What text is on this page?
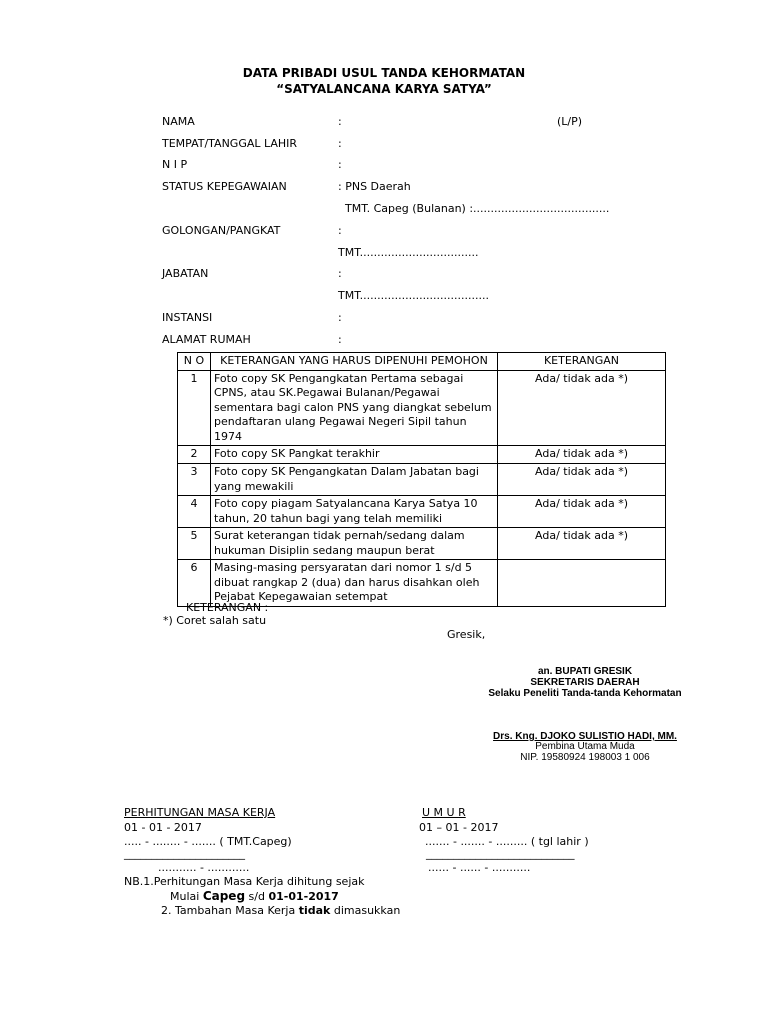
DATA PRIBADI USUL TANDA KEHORMATAN
“SATYALANCANA KARYA SATYA”
NAMA	:	(L/P)
TEMPAT/TANGGAL LAHIR	:
N I P	:
STATUS KEPEGAWAIAN	: PNS Daerah
TMT. Capeg (Bulanan) :.......................................
GOLONGAN/PANGKAT	:
TMT..................................
JABATAN	:
TMT.....................................
INSTANSI	:
ALAMAT RUMAH	:
N O	KETERANGAN YANG HARUS DIPENUHI PEMOHON	KETERANGAN
1	Foto copy SK Pengangkatan Pertama sebagai CPNS, atau SK.Pegawai Bulanan/Pegawai sementara bagi calon PNS yang diangkat sebelum pendaftaran ulang Pegawai Negeri Sipil tahun 1974	Ada/ tidak ada *)
2	Foto copy SK Pangkat terakhir	Ada/ tidak ada *)
3	Foto copy SK Pengangkatan Dalam Jabatan bagi yang mewakili	Ada/ tidak ada *)
4	Foto copy piagam Satyalancana Karya Satya 10 tahun, 20 tahun bagi yang telah memiliki	Ada/ tidak ada *)
5	Surat keterangan tidak pernah/sedang dalam hukuman Disiplin sedang maupun berat	Ada/ tidak ada *)
6	Masing-masing persyaratan dari nomor 1 s/d 5 dibuat rangkap 2 (dua) dan harus disahkan oleh Pejabat Kepegawaian setempat	
KETERANGAN :
*) Coret salah satu
Gresik,
an. BUPATI GRESIK
SEKRETARIS DAERAH
Selaku Peneliti Tanda-tanda Kehormatan
Drs. Kng. DJOKO SULISTIO HADI, MM.
Pembina Utama Muda
NIP. 19580924 198003 1 006
PERHITUNGAN MASA KERJA
01 - 01 - 2017
..... - ........ - ....... ( TMT.Capeg)
______________________
........... - ............
U M U R
01 – 01 - 2017
....... - ....... - ......... ( tgl lahir )
___________________________
...... - ...... - ...........
NB.1.Perhitungan Masa Kerja dihitung sejak
Mulai Capeg s/d 01-01-2017
2. Tambahan Masa Kerja tidak dimasukkan
